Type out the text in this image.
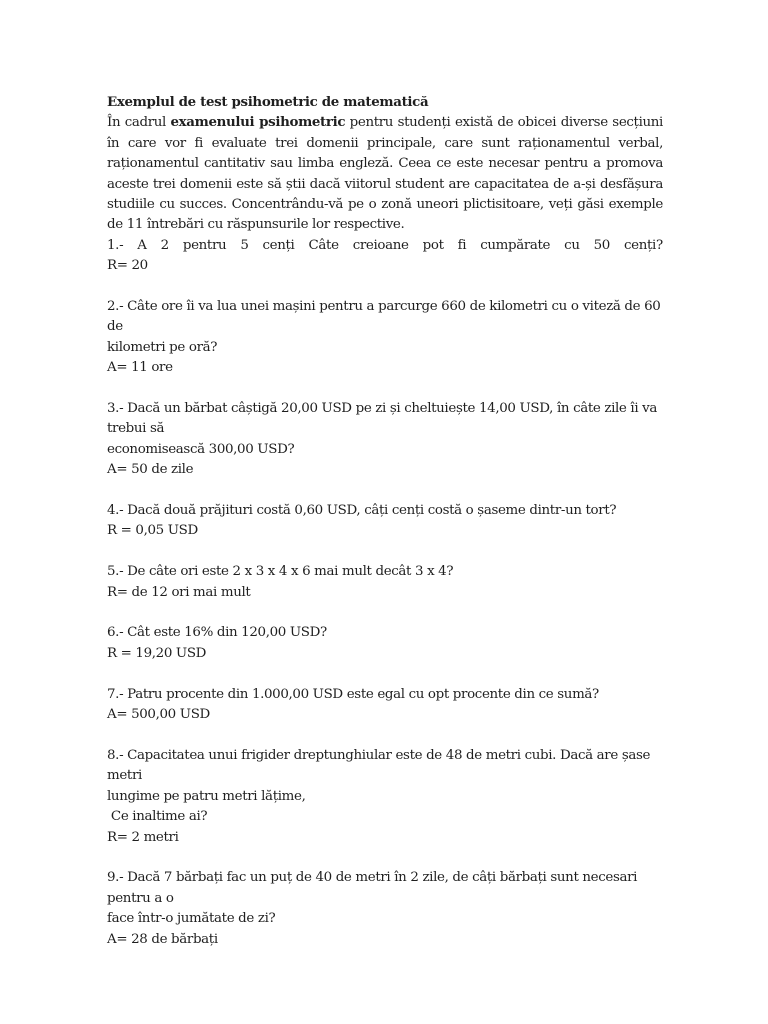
Exemplul de test psihometric de matematică

În cadrul examenului psihometric pentru studenți există de obicei diverse secțiuni în care vor fi evaluate trei domenii principale, care sunt raționamentul verbal, raționamentul cantitativ sau limba engleză. Ceea ce este necesar pentru a promova aceste trei domenii este să știi dacă viitorul student are capacitatea de a-și desfășura studiile cu succes. Concentrându-vă pe o zonă uneori plictisitoare, veți găsi exemple de 11 întrebări cu răspunsurile lor respective.

1.- A 2 pentru 5 cenți Câte creioane pot fi cumpărate cu 50 cenți?

R= 20

2.- Câte ore îi va lua unei mașini pentru a parcurge 660 de kilometri cu o viteză de 60 de
kilometri pe oră?
A= 11 ore
3.- Dacă un bărbat câștigă 20,00 USD pe zi și cheltuiește 14,00 USD, în câte zile îi va trebui să
economisească 300,00 USD?
A= 50 de zile
4.- Dacă două prăjituri costă 0,60 USD, câți cenți costă o șaseme dintr-un tort?
R = 0,05 USD
5.- De câte ori este 2 x 3 x 4 x 6 mai mult decât 3 x 4?
R= de 12 ori mai mult
6.- Cât este 16% din 120,00 USD?
R = 19,20 USD
7.- Patru procente din 1.000,00 USD este egal cu opt procente din ce sumă?
A= 500,00 USD
8.- Capacitatea unui frigider dreptunghiular este de 48 de metri cubi. Dacă are șase metri
lungime pe patru metri lățime,
Ce inaltime ai?
R= 2 metri
9.- Dacă 7 bărbați fac un puț de 40 de metri în 2 zile, de câți bărbați sunt necesari pentru a o
face într-o jumătate de zi?
A= 28 de bărbați
